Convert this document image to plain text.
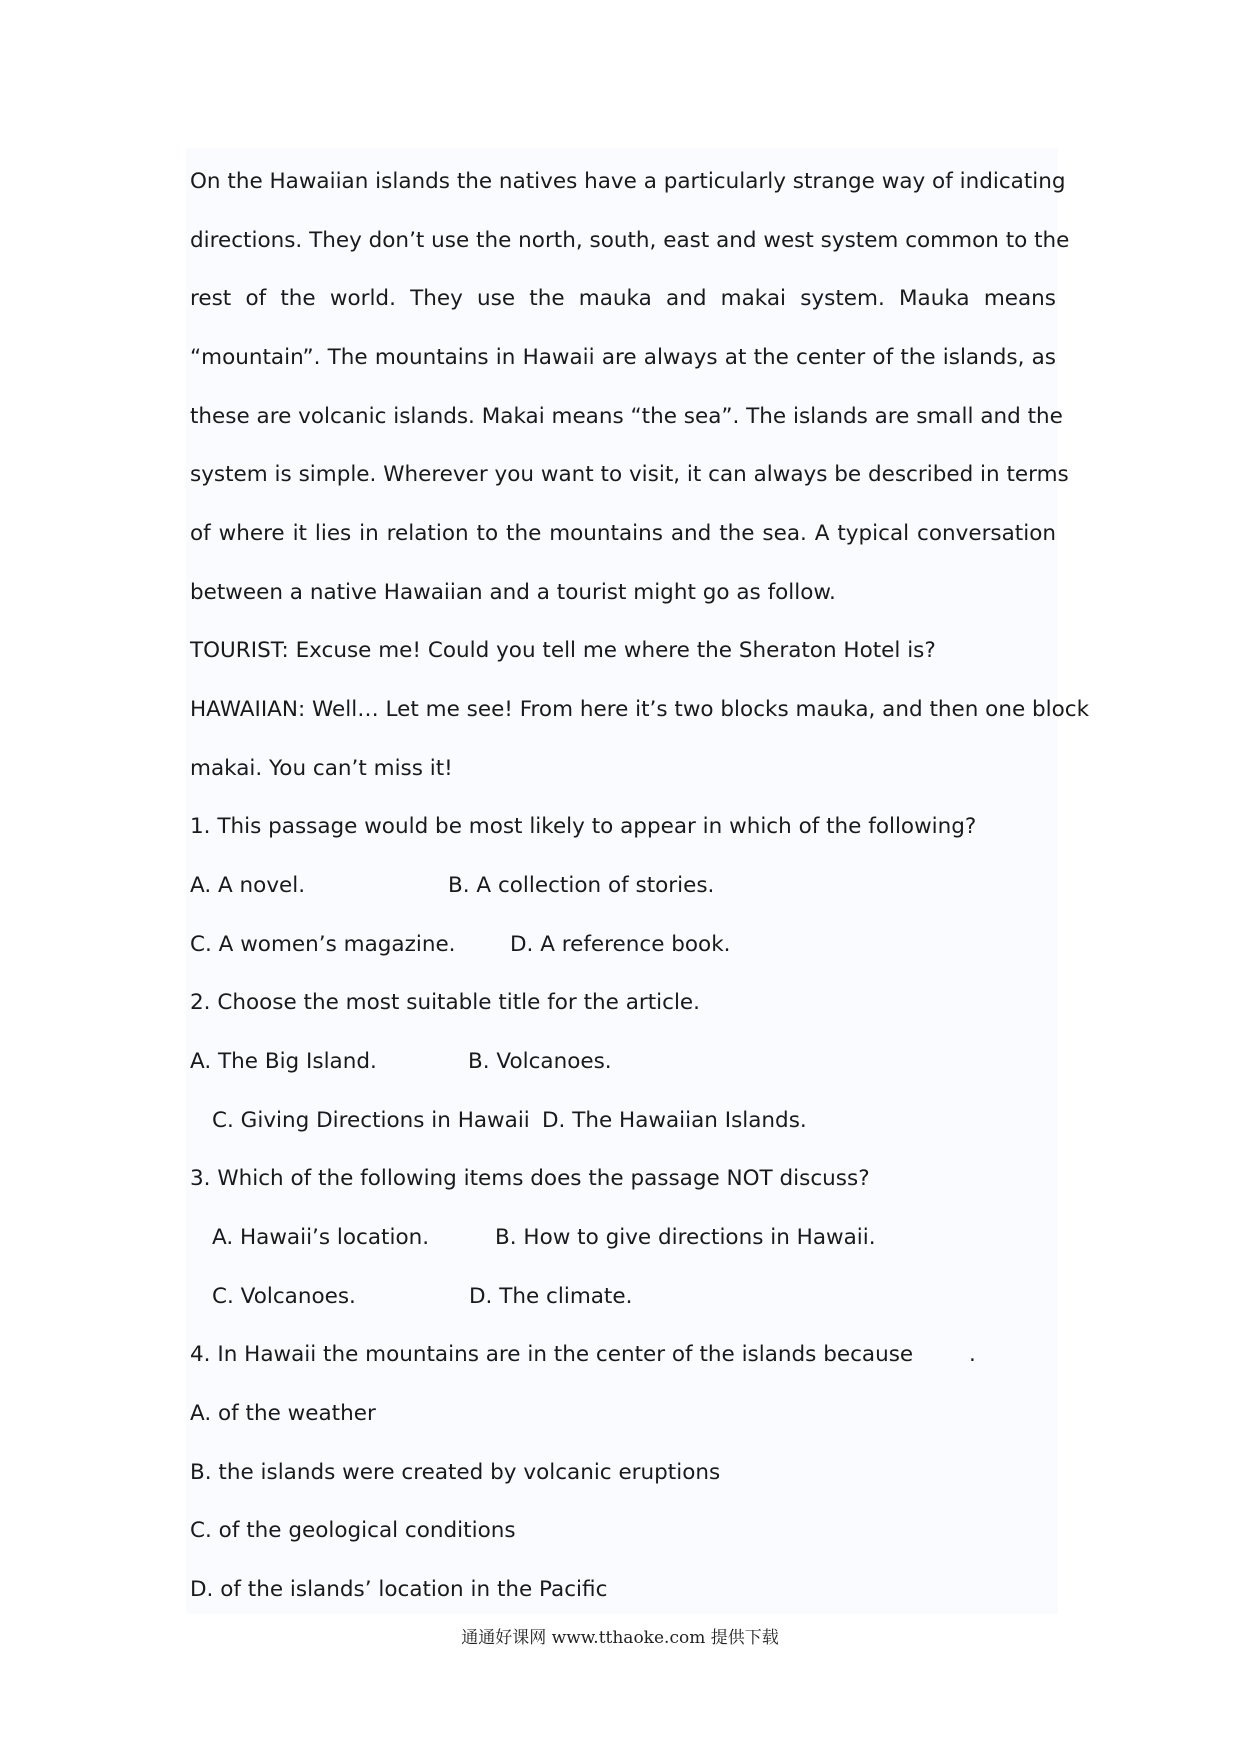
On the Hawaiian islands the natives have a particularly strange way of indicating
directions. They don’t use the north, south, east and west system common to the
rest of the world. They use the mauka and makai system. Mauka means
“mountain”. The mountains in Hawaii are always at the center of the islands, as
these are volcanic islands. Makai means “the sea”. The islands are small and the
system is simple. Wherever you want to visit, it can always be described in terms
of where it lies in relation to the mountains and the sea. A typical conversation
between a native Hawaiian and a tourist might go as follow.
TOURIST: Excuse me! Could you tell me where the Sheraton Hotel is?
HAWAIIAN: Well… Let me see! From here it’s two blocks mauka, and then one block
makai. You can’t miss it!
1. This passage would be most likely to appear in which of the following?
A. A novel.	B. A collection of stories.
C. A women’s magazine.	D. A reference book.
2. Choose the most suitable title for the article.
A. The Big Island.	B. Volcanoes.
C. Giving Directions in Hawaii D. The Hawaiian Islands.
3. Which of the following items does the passage NOT discuss?
A. Hawaii’s location.	B. How to give directions in Hawaii.
C. Volcanoes.	D. The climate.
4. In Hawaii the mountains are in the center of the islands because	.
A. of the weather
B. the islands were created by volcanic eruptions
C. of the geological conditions
D. of the islands’ location in the Pacific
通通好课网 www.tthaoke.com 提供下载
